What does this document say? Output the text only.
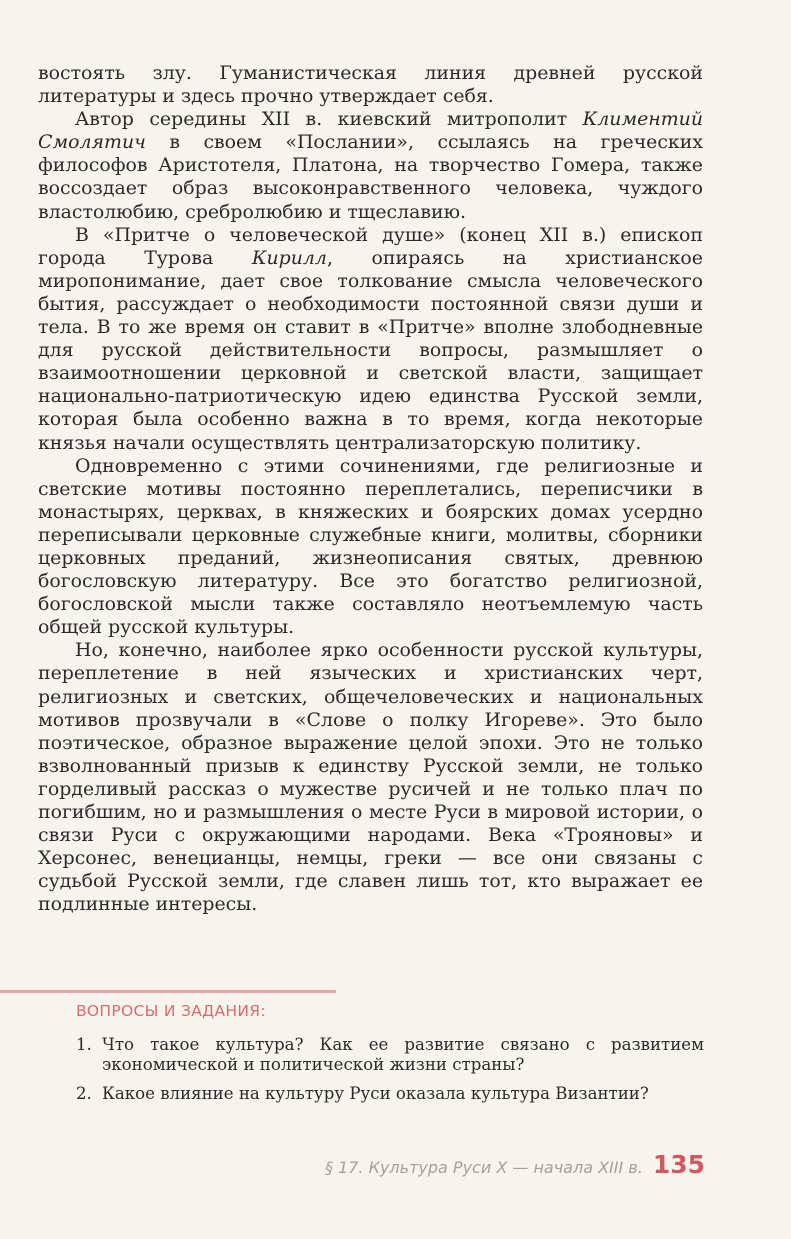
востоять злу. Гуманистическая линия древней русской литературы и здесь прочно утверждает себя.

Автор середины XII в. киевский митрополит Климентий Смолятич в своем «Послании», ссылаясь на греческих философов Аристотеля, Платона, на творчество Гомера, также воссоздает образ высоконравственного человека, чуждого властолюбию, сребролюбию и тщеславию.

В «Притче о человеческой душе» (конец XII в.) епископ города Турова Кирилл, опираясь на христианское миропонимание, дает свое толкование смысла человеческого бытия, рассуждает о необходимости постоянной связи души и тела. В то же время он ставит в «Притче» вполне злободневные для русской действительности вопросы, размышляет о взаимоотношении церковной и светской власти, защищает национально-патриотическую идею единства Русской земли, которая была особенно важна в то время, когда некоторые князья начали осуществлять централизаторскую политику.

Одновременно с этими сочинениями, где религиозные и светские мотивы постоянно переплетались, переписчики в монастырях, церквах, в княжеских и боярских домах усердно переписывали церковные служебные книги, молитвы, сборники церковных преданий, жизнеописания святых, древнюю богословскую литературу. Все это богатство религиозной, богословской мысли также составляло неотъемлемую часть общей русской культуры.

Но, конечно, наиболее ярко особенности русской культуры, переплетение в ней языческих и христианских черт, религиозных и светских, общечеловеческих и национальных мотивов прозвучали в «Слове о полку Игореве». Это было поэтическое, образное выражение целой эпохи. Это не только взволнованный призыв к единству Русской земли, не только горделивый рассказ о мужестве русичей и не только плач по погибшим, но и размышления о месте Руси в мировой истории, о связи Руси с окружающими народами. Века «Трояновы» и Херсонес, венецианцы, немцы, греки — все они связаны с судьбой Русской земли, где славен лишь тот, кто выражает ее подлинные интересы.

ВОПРОСЫ И ЗАДАНИЯ:
1. Что такое культура? Как ее развитие связано с развитием экономической и политической жизни страны?
2. Какое влияние на культуру Руси оказала культура Византии?
§ 17. Культура Руси X — начала XIII в. 135
